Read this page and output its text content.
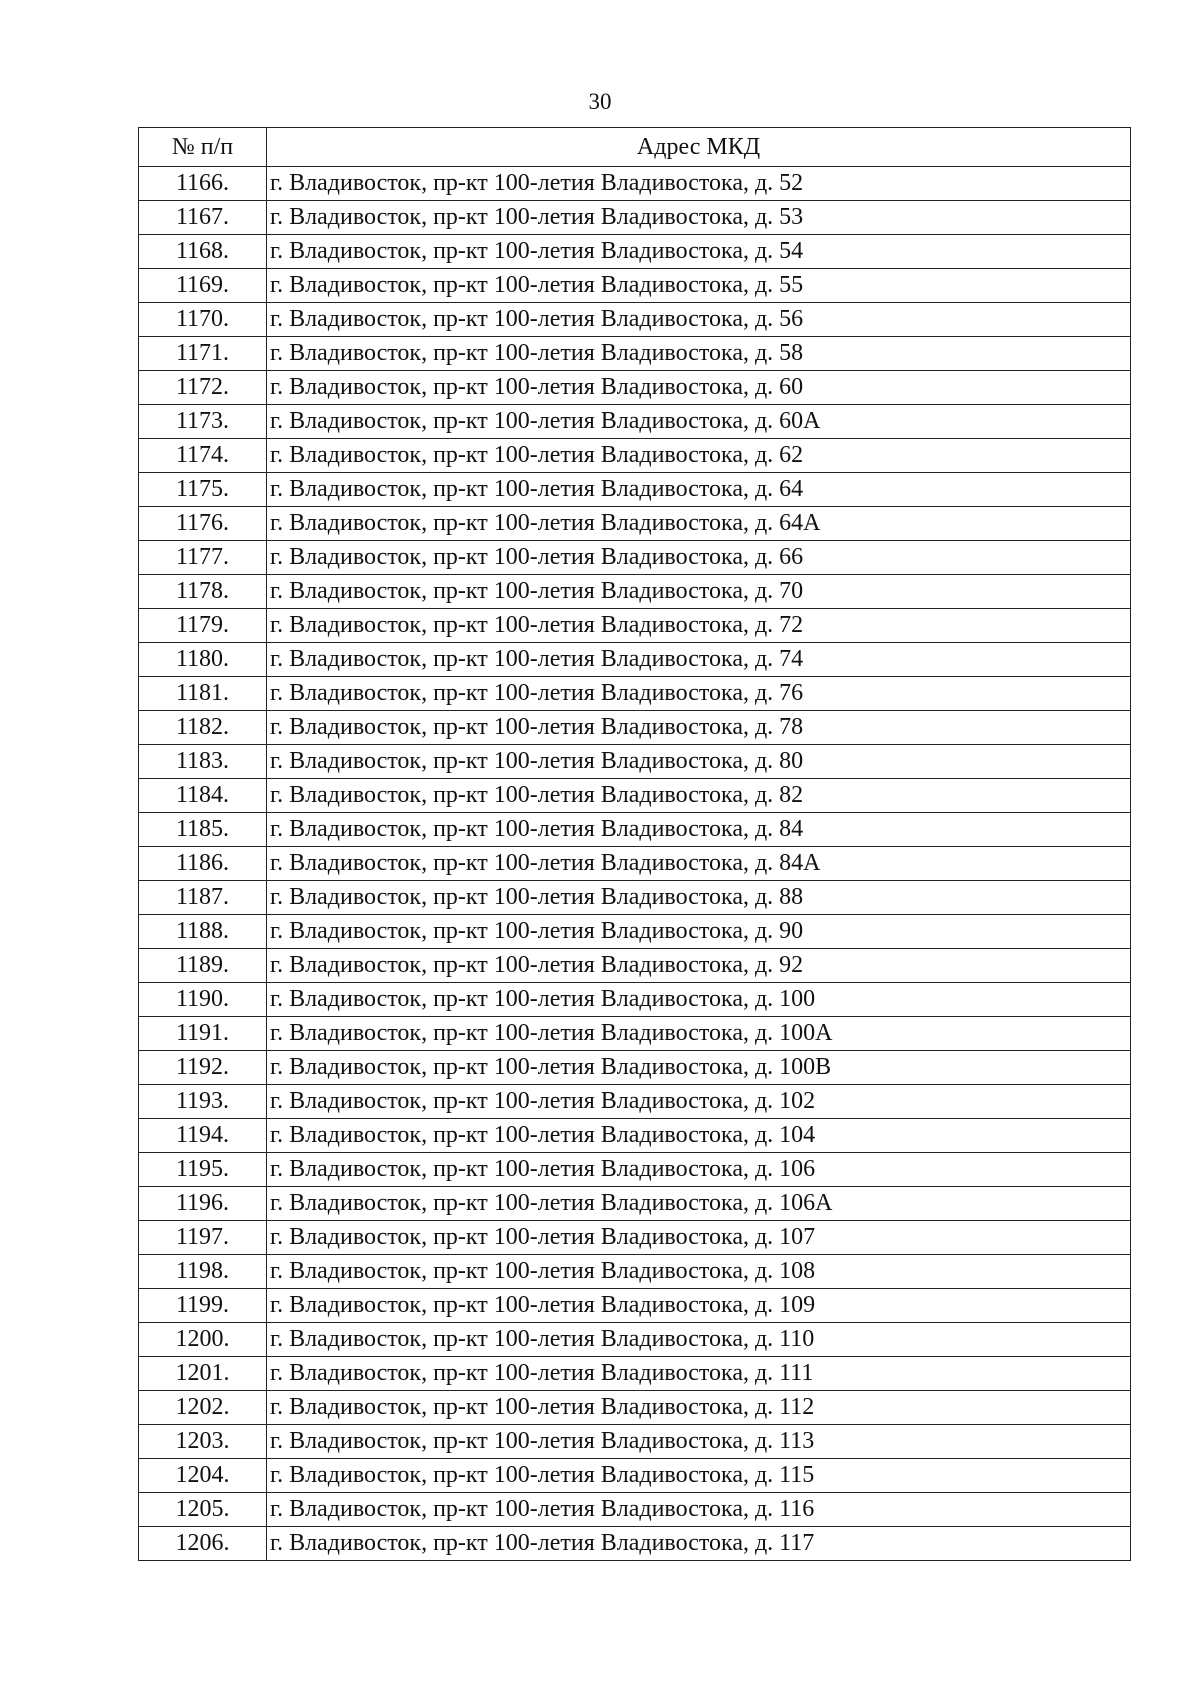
30
№ п/п	Адрес МКД
1166.	г. Владивосток, пр-кт 100-летия Владивостока, д. 52
1167.	г. Владивосток, пр-кт 100-летия Владивостока, д. 53
1168.	г. Владивосток, пр-кт 100-летия Владивостока, д. 54
1169.	г. Владивосток, пр-кт 100-летия Владивостока, д. 55
1170.	г. Владивосток, пр-кт 100-летия Владивостока, д. 56
1171.	г. Владивосток, пр-кт 100-летия Владивостока, д. 58
1172.	г. Владивосток, пр-кт 100-летия Владивостока, д. 60
1173.	г. Владивосток, пр-кт 100-летия Владивостока, д. 60А
1174.	г. Владивосток, пр-кт 100-летия Владивостока, д. 62
1175.	г. Владивосток, пр-кт 100-летия Владивостока, д. 64
1176.	г. Владивосток, пр-кт 100-летия Владивостока, д. 64А
1177.	г. Владивосток, пр-кт 100-летия Владивостока, д. 66
1178.	г. Владивосток, пр-кт 100-летия Владивостока, д. 70
1179.	г. Владивосток, пр-кт 100-летия Владивостока, д. 72
1180.	г. Владивосток, пр-кт 100-летия Владивостока, д. 74
1181.	г. Владивосток, пр-кт 100-летия Владивостока, д. 76
1182.	г. Владивосток, пр-кт 100-летия Владивостока, д. 78
1183.	г. Владивосток, пр-кт 100-летия Владивостока, д. 80
1184.	г. Владивосток, пр-кт 100-летия Владивостока, д. 82
1185.	г. Владивосток, пр-кт 100-летия Владивостока, д. 84
1186.	г. Владивосток, пр-кт 100-летия Владивостока, д. 84А
1187.	г. Владивосток, пр-кт 100-летия Владивостока, д. 88
1188.	г. Владивосток, пр-кт 100-летия Владивостока, д. 90
1189.	г. Владивосток, пр-кт 100-летия Владивостока, д. 92
1190.	г. Владивосток, пр-кт 100-летия Владивостока, д. 100
1191.	г. Владивосток, пр-кт 100-летия Владивостока, д. 100А
1192.	г. Владивосток, пр-кт 100-летия Владивостока, д. 100В
1193.	г. Владивосток, пр-кт 100-летия Владивостока, д. 102
1194.	г. Владивосток, пр-кт 100-летия Владивостока, д. 104
1195.	г. Владивосток, пр-кт 100-летия Владивостока, д. 106
1196.	г. Владивосток, пр-кт 100-летия Владивостока, д. 106А
1197.	г. Владивосток, пр-кт 100-летия Владивостока, д. 107
1198.	г. Владивосток, пр-кт 100-летия Владивостока, д. 108
1199.	г. Владивосток, пр-кт 100-летия Владивостока, д. 109
1200.	г. Владивосток, пр-кт 100-летия Владивостока, д. 110
1201.	г. Владивосток, пр-кт 100-летия Владивостока, д. 111
1202.	г. Владивосток, пр-кт 100-летия Владивостока, д. 112
1203.	г. Владивосток, пр-кт 100-летия Владивостока, д. 113
1204.	г. Владивосток, пр-кт 100-летия Владивостока, д. 115
1205.	г. Владивосток, пр-кт 100-летия Владивостока, д. 116
1206.	г. Владивосток, пр-кт 100-летия Владивостока, д. 117
